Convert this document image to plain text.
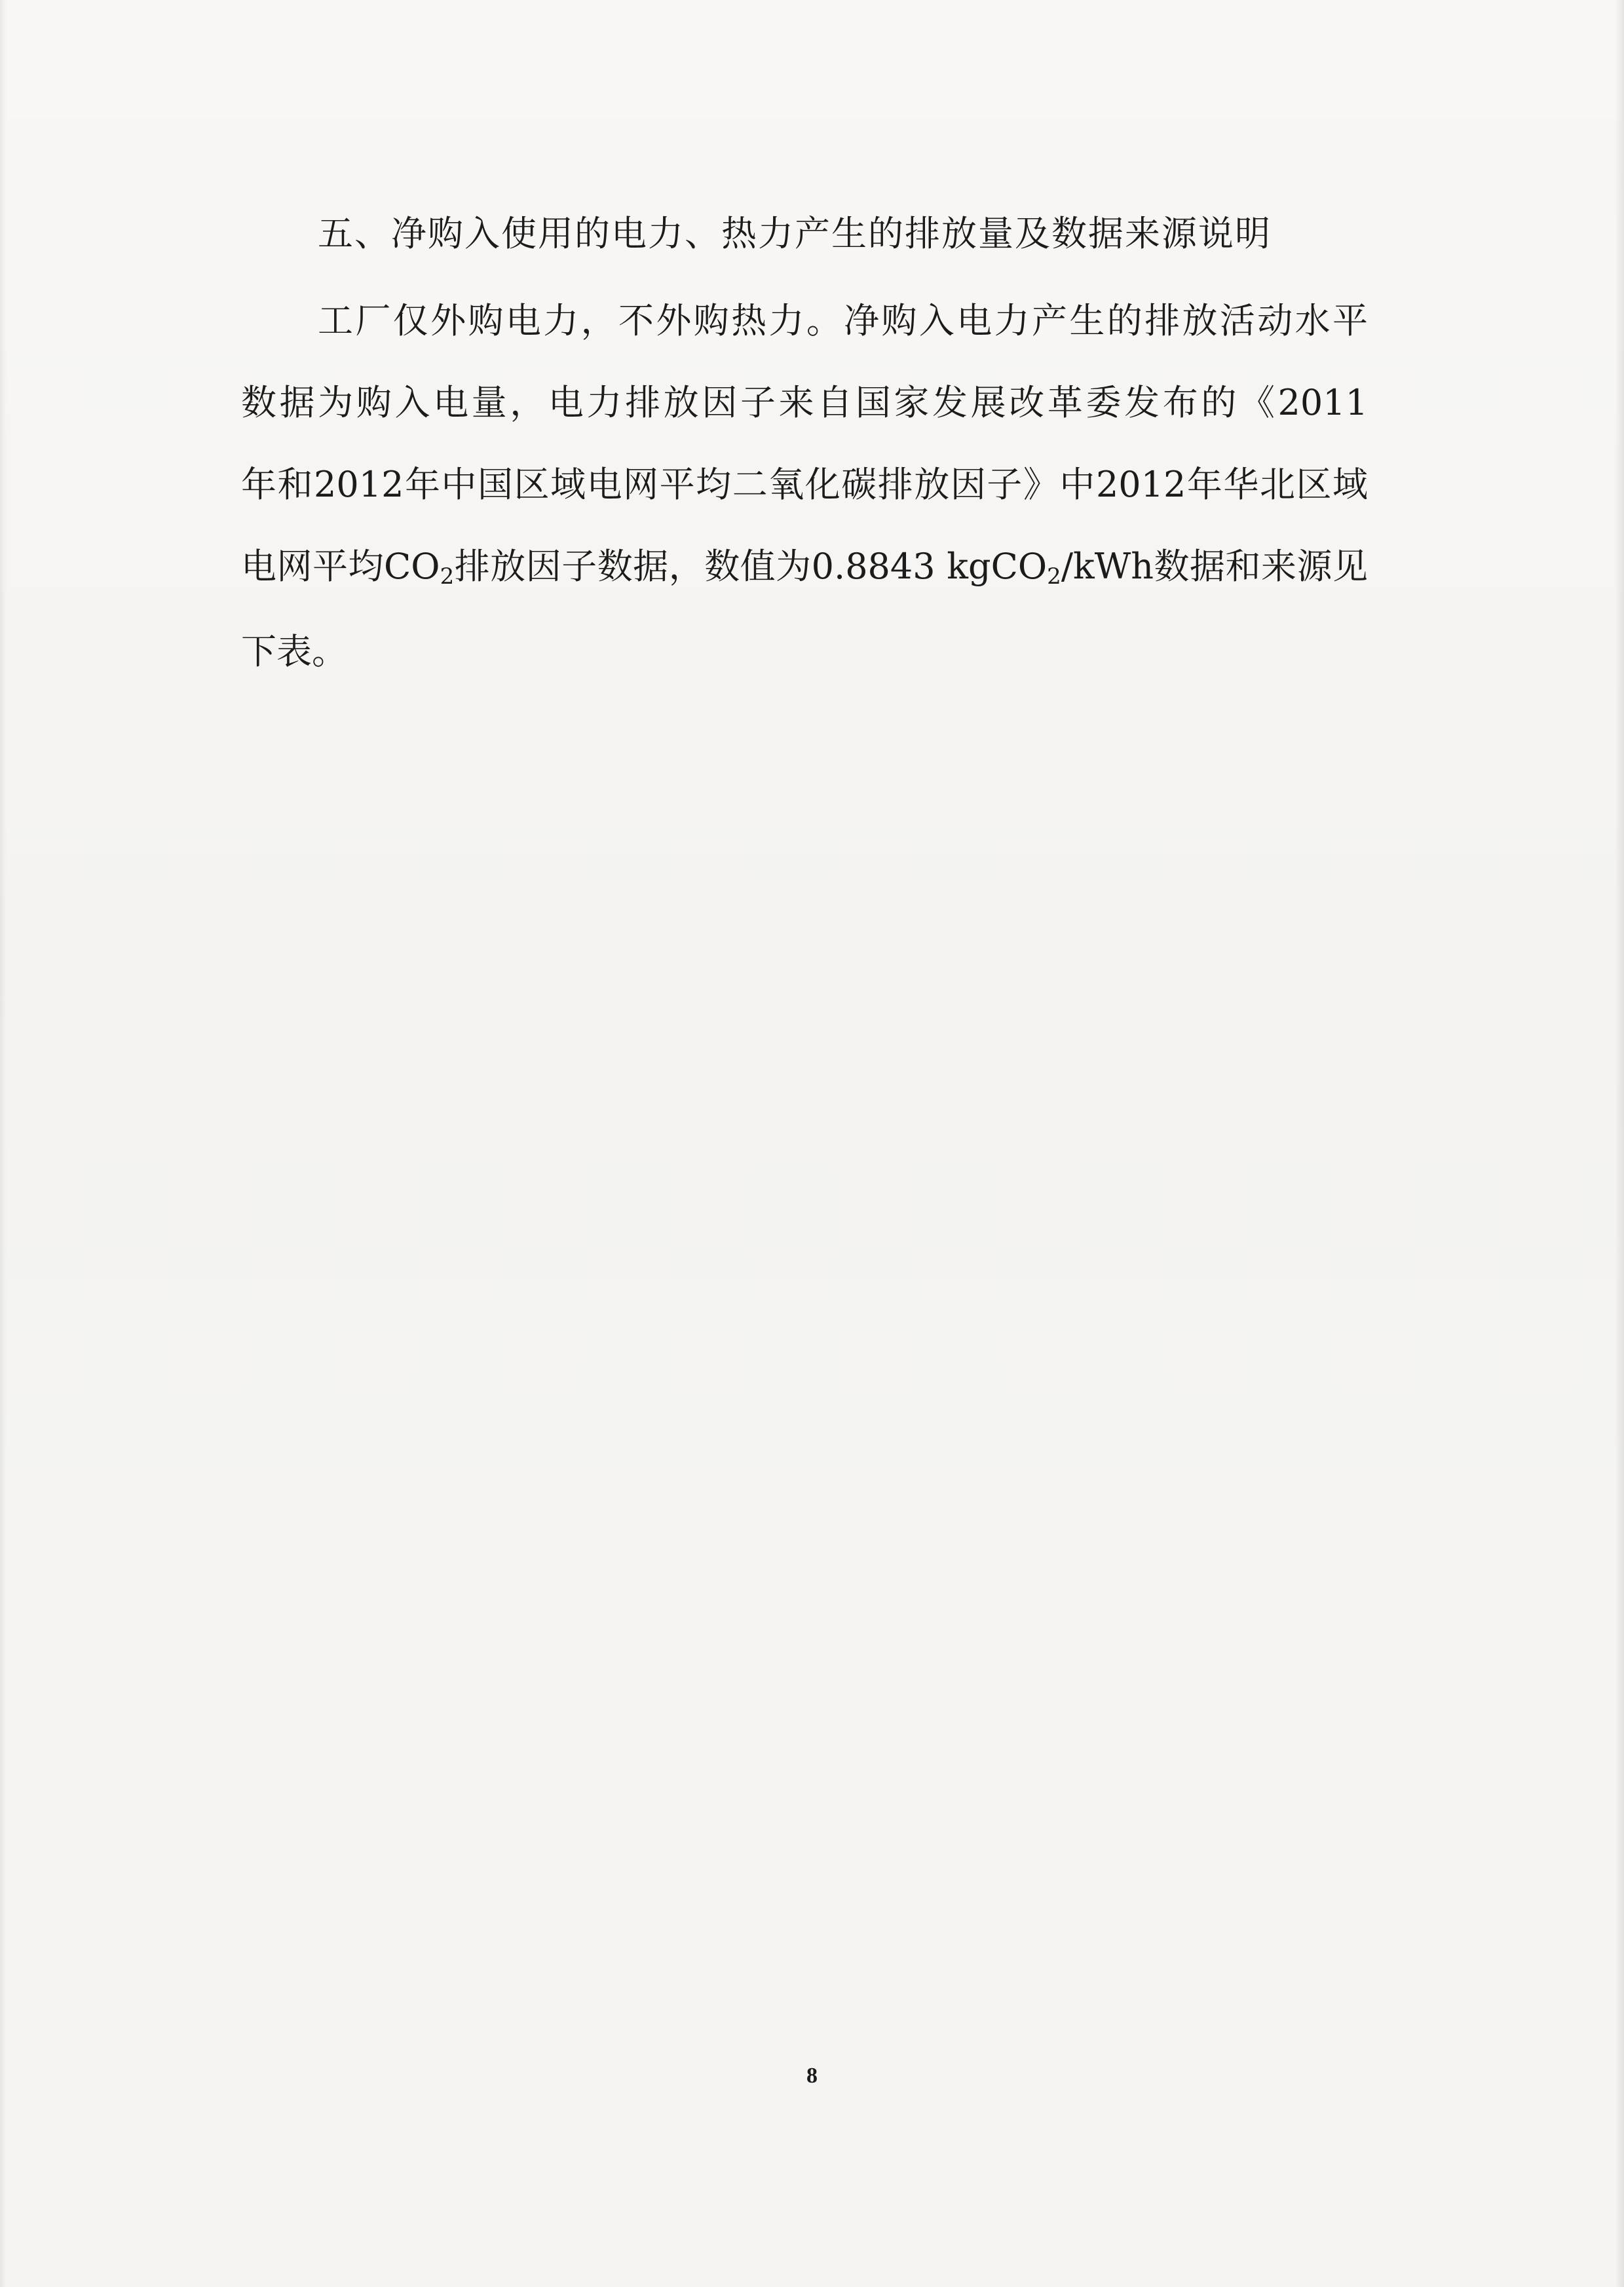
五、净购入使用的电力、热力产生的排放量及数据来源说明
工厂仅外购电力，不外购热力。净购入电力产生的排放活动水平
数据为购入电量，电力排放因子来自国家发展改革委发布的《2011
年和2012年中国区域电网平均二氧化碳排放因子》中2012年华北区域
电网平均$CO_2$排放因子数据，数值为0.8843 kgCO$_2$/kWh数据和来源见
下表。
8
